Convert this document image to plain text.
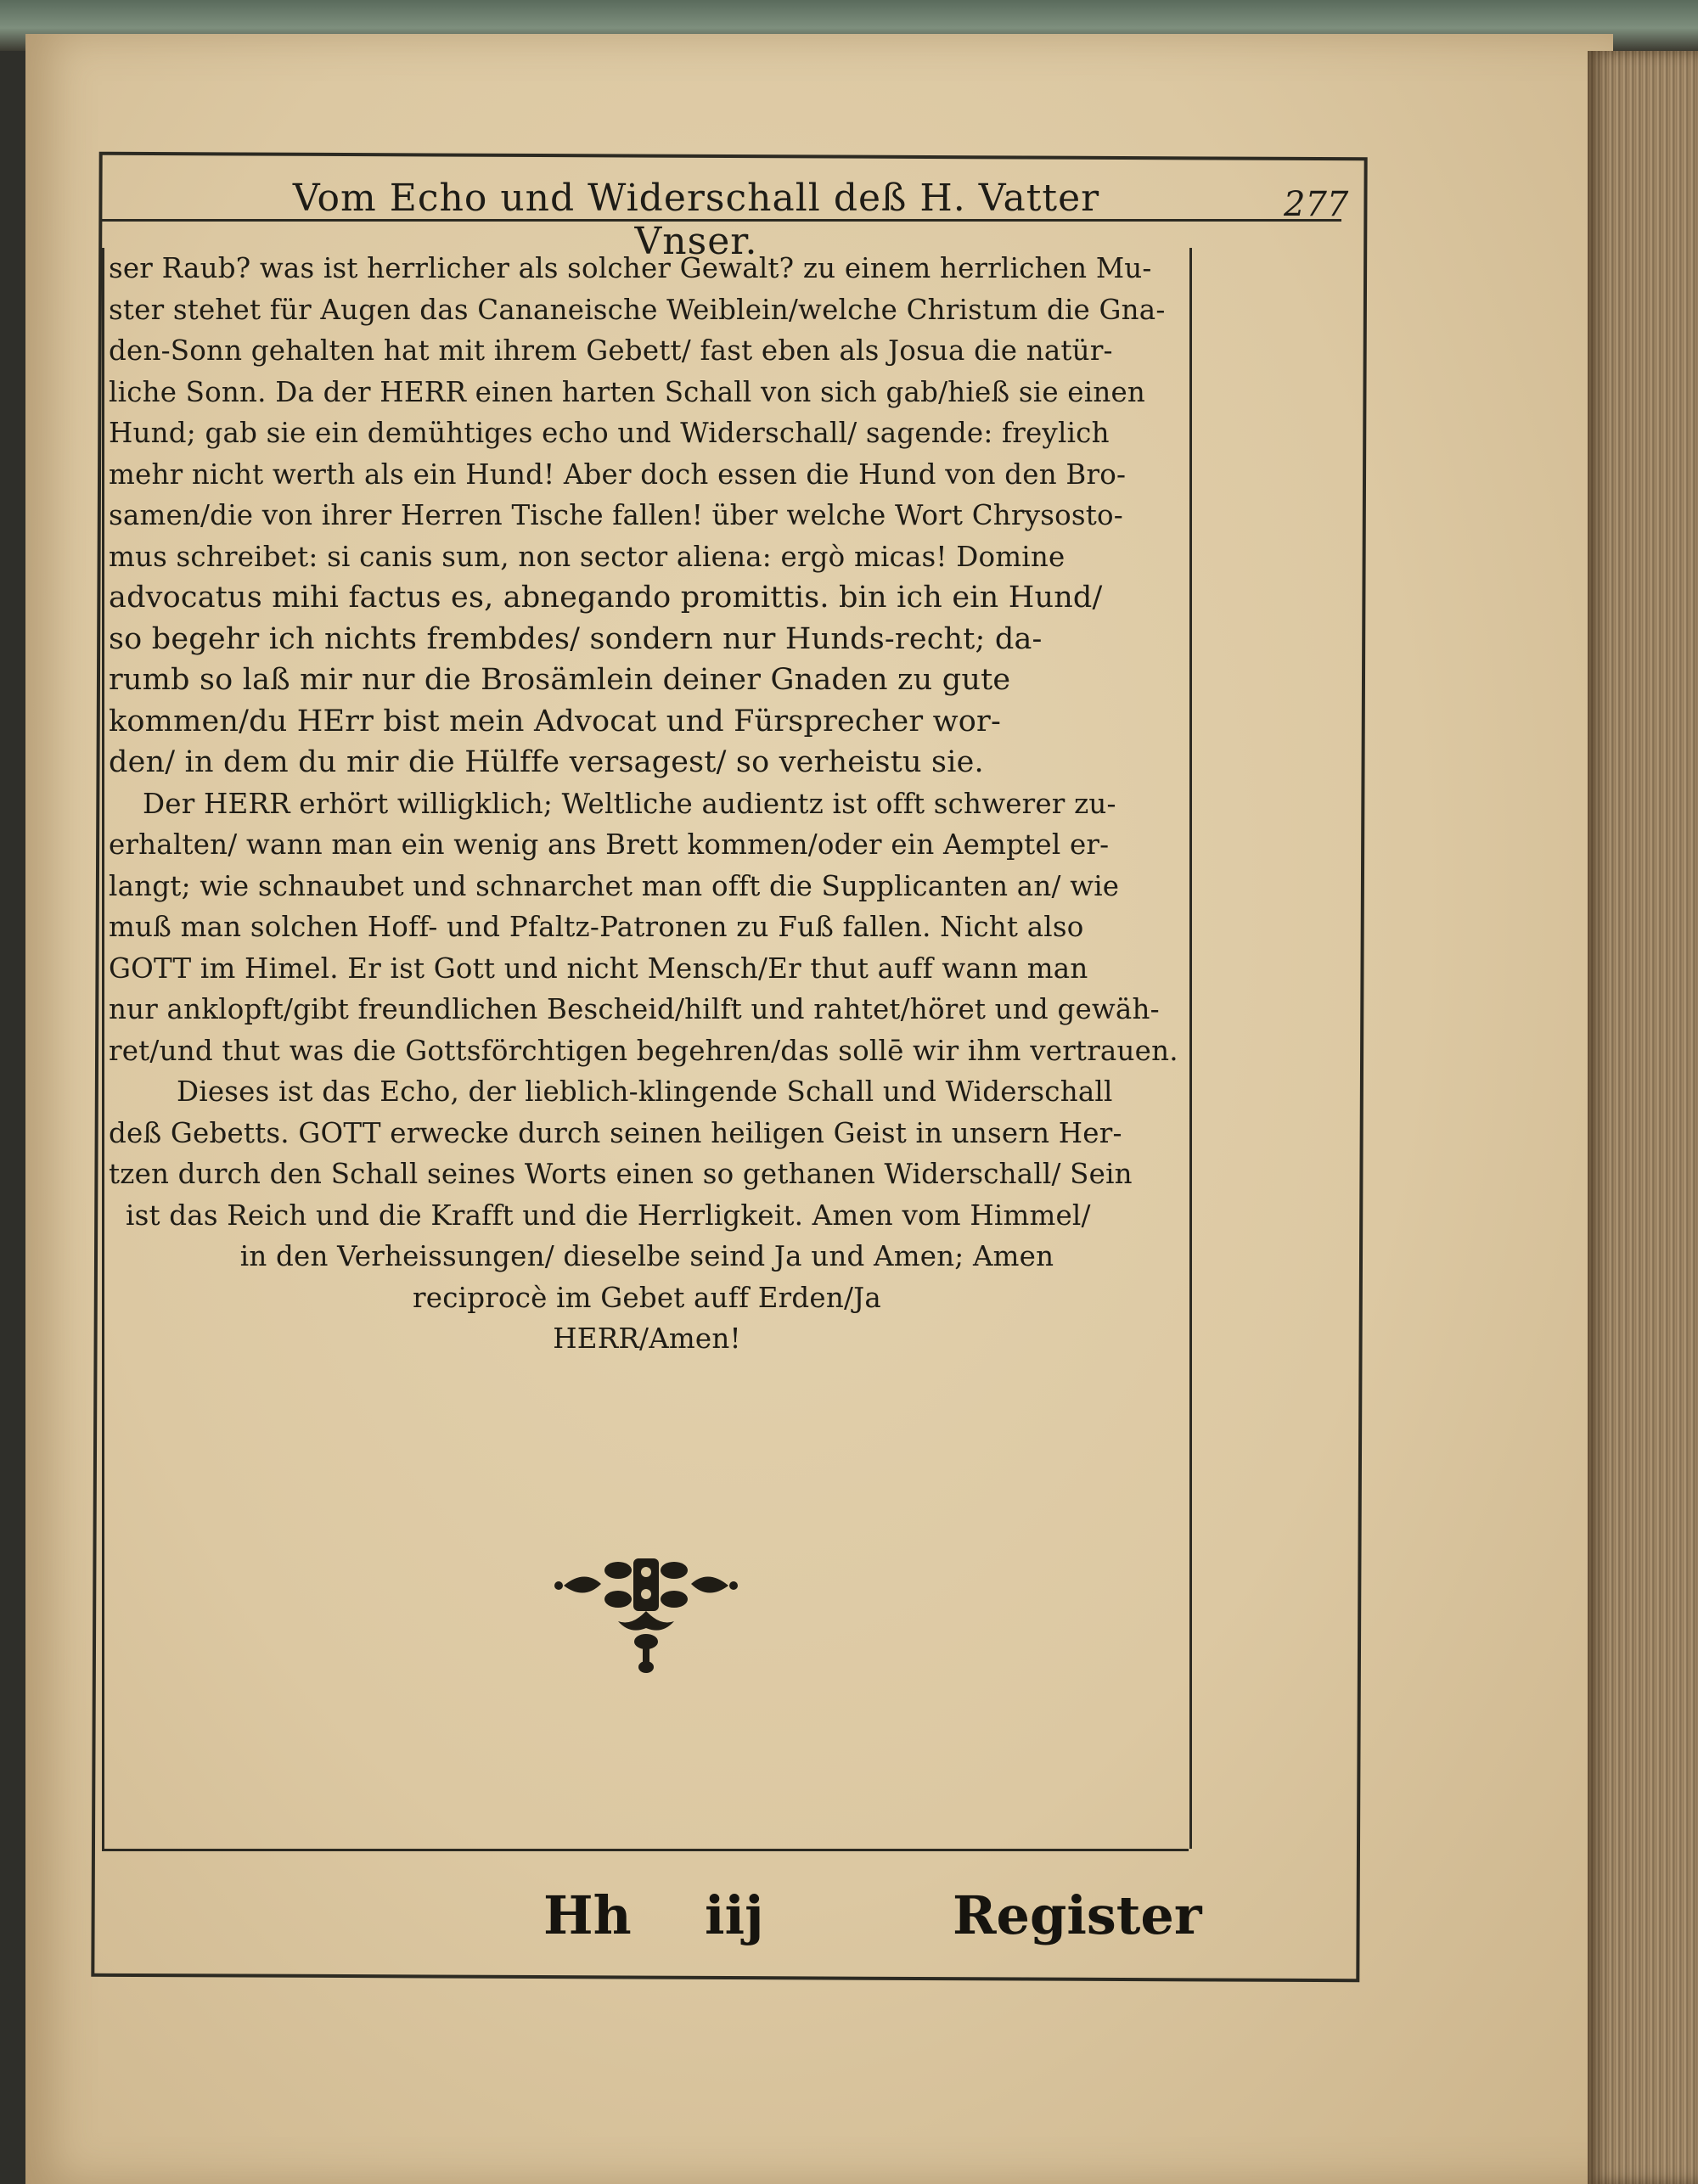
Vom Echo und Widerschall deß H. Vatter Vnser.
277
ser Raub? was ist herrlicher als solcher Gewalt? zu einem herrlichen Mu-
ster stehet für Augen das Cananeische Weiblein/welche Christum die Gna-
den-Sonn gehalten hat mit ihrem Gebett/ fast eben als Josua die natür-
liche Sonn. Da der HERR einen harten Schall von sich gab/hieß sie einen
Hund; gab sie ein demühtiges echo und Widerschall/ sagende: freylich
mehr nicht werth als ein Hund! Aber doch essen die Hund von den Bro-
samen/die von ihrer Herren Tische fallen! über welche Wort Chrysosto-
mus schreibet: si canis sum, non sector aliena: ergò micas! Domine
advocatus mihi factus es, abnegando promittis. bin ich ein Hund/
so begehr ich nichts frembdes/ sondern nur Hunds-recht; da-
rumb so laß mir nur die Brosämlein deiner Gnaden zu gute
kommen/du HErr bist mein Advocat und Fürsprecher wor-
den/ in dem du mir die Hülffe versagest/ so verheistu sie.
Der HERR erhört willigklich; Weltliche audientz ist offt schwerer zu-
erhalten/ wann man ein wenig ans Brett kommen/oder ein Aemptel er-
langt; wie schnaubet und schnarchet man offt die Supplicanten an/ wie
muß man solchen Hoff- und Pfaltz-Patronen zu Fuß fallen. Nicht also
GOTT im Himel. Er ist Gott und nicht Mensch/Er thut auff wann man
nur anklopft/gibt freundlichen Bescheid/hilft und rahtet/höret und gewäh-
ret/und thut was die Gottsförchtigen begehren/das sollē wir ihm vertrauen.
Dieses ist das Echo, der lieblich-klingende Schall und Widerschall
deß Gebetts. GOTT erwecke durch seinen heiligen Geist in unsern Her-
tzen durch den Schall seines Worts einen so gethanen Widerschall/ Sein
ist das Reich und die Krafft und die Herrligkeit. Amen vom Himmel/
in den Verheissungen/ dieselbe seind Ja und Amen; Amen
reciprocè im Gebet auff Erden/Ja
HERR/Amen!
Hh iij	Register
